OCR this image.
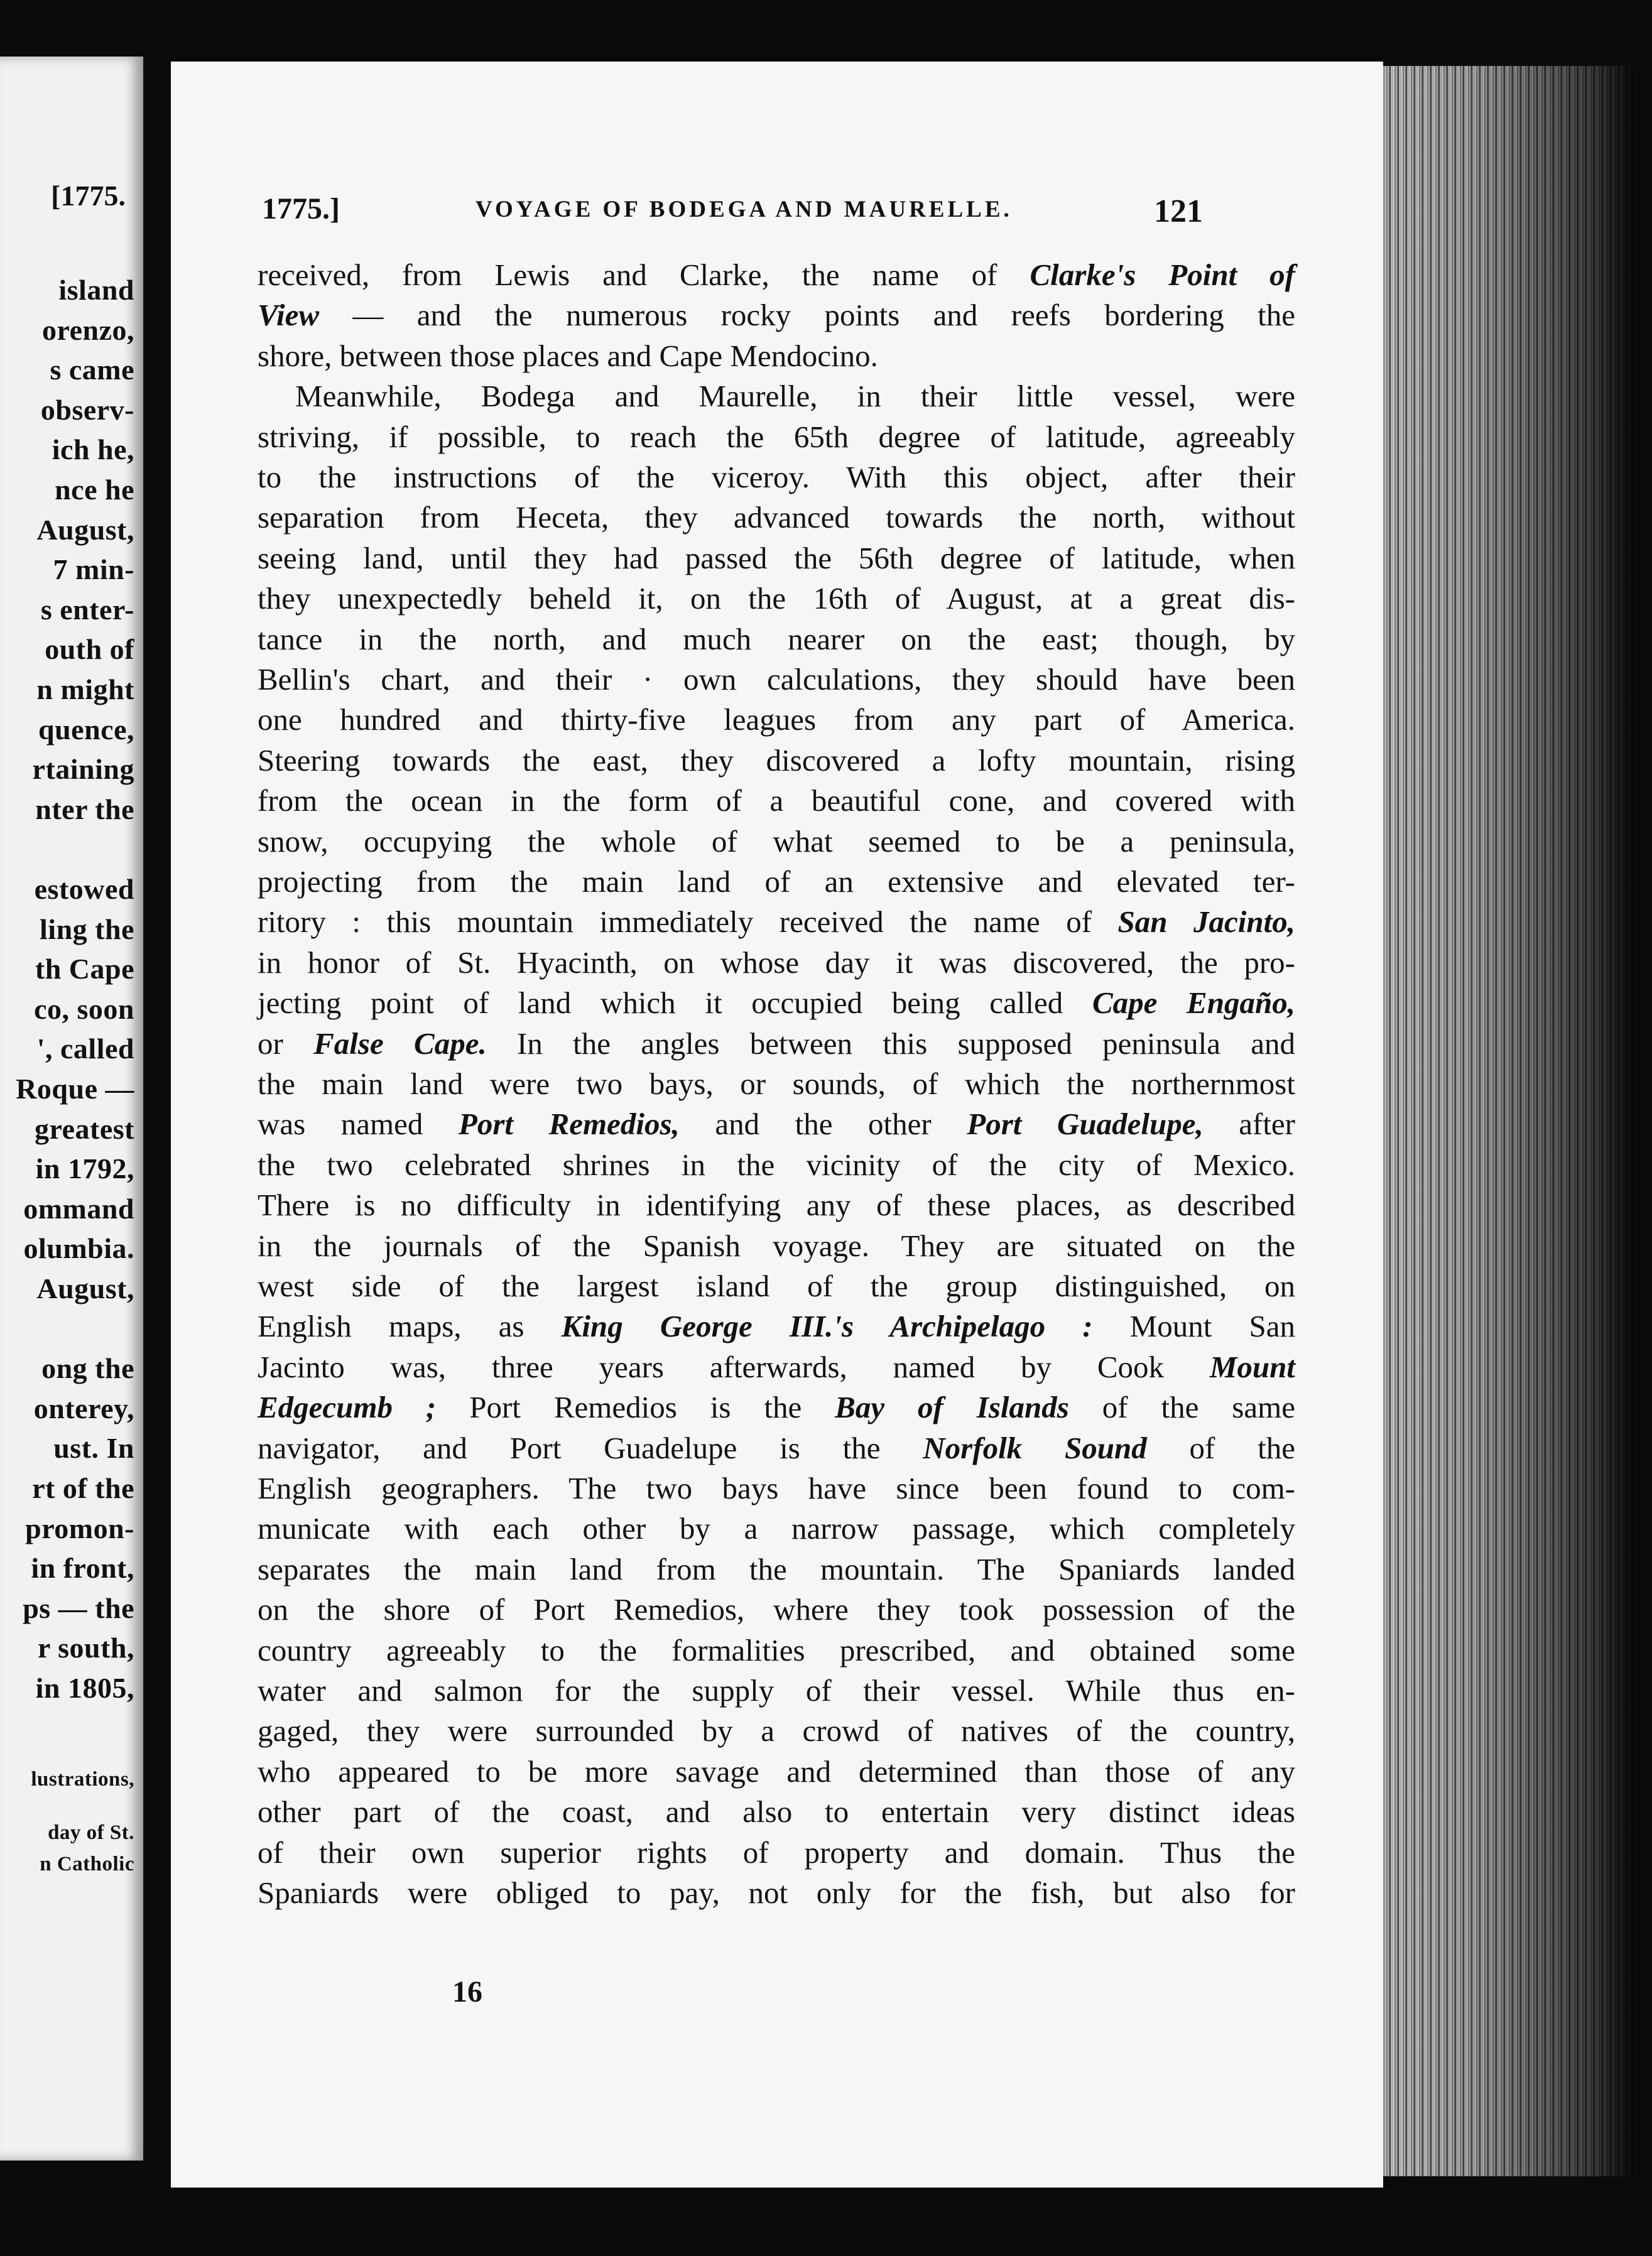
[1775.
island
orenzo,
s came
observ-
ich he,
nce he
August,
7 min-
s enter-
outh of
n might
quence,
rtaining
nter the
estowed
ling the
th Cape
co, soon
', called
Roque —
greatest
in 1792,
ommand
olumbia.
August,
ong the
onterey,
ust. In
rt of the
promon-
in front,
ps — the
r south,
in 1805,
lustrations,
day of St.
n Catholic
1775.]	VOYAGE OF BODEGA AND MAURELLE.	121
received, from Lewis and Clarke, the name of Clarke's Point of
View — and the numerous rocky points and reefs bordering the
shore, between those places and Cape Mendocino.
Meanwhile, Bodega and Maurelle, in their little vessel, were
striving, if possible, to reach the 65th degree of latitude, agreeably
to the instructions of the viceroy. With this object, after their
separation from Heceta, they advanced towards the north, without
seeing land, until they had passed the 56th degree of latitude, when
they unexpectedly beheld it, on the 16th of August, at a great dis-
tance in the north, and much nearer on the east; though, by
Bellin's chart, and their · own calculations, they should have been
one hundred and thirty-five leagues from any part of America.
Steering towards the east, they discovered a lofty mountain, rising
from the ocean in the form of a beautiful cone, and covered with
snow, occupying the whole of what seemed to be a peninsula,
projecting from the main land of an extensive and elevated ter-
ritory : this mountain immediately received the name of San Jacinto,
in honor of St. Hyacinth, on whose day it was discovered, the pro-
jecting point of land which it occupied being called Cape Engaño,
or False Cape. In the angles between this supposed peninsula and
the main land were two bays, or sounds, of which the northernmost
was named Port Remedios, and the other Port Guadelupe, after
the two celebrated shrines in the vicinity of the city of Mexico.
There is no difficulty in identifying any of these places, as described
in the journals of the Spanish voyage. They are situated on the
west side of the largest island of the group distinguished, on
English maps, as King George III.'s Archipelago : Mount San
Jacinto was, three years afterwards, named by Cook Mount
Edgecumb ; Port Remedios is the Bay of Islands of the same
navigator, and Port Guadelupe is the Norfolk Sound of the
English geographers. The two bays have since been found to com-
municate with each other by a narrow passage, which completely
separates the main land from the mountain. The Spaniards landed
on the shore of Port Remedios, where they took possession of the
country agreeably to the formalities prescribed, and obtained some
water and salmon for the supply of their vessel. While thus en-
gaged, they were surrounded by a crowd of natives of the country,
who appeared to be more savage and determined than those of any
other part of the coast, and also to entertain very distinct ideas
of their own superior rights of property and domain. Thus the
Spaniards were obliged to pay, not only for the fish, but also for
16
